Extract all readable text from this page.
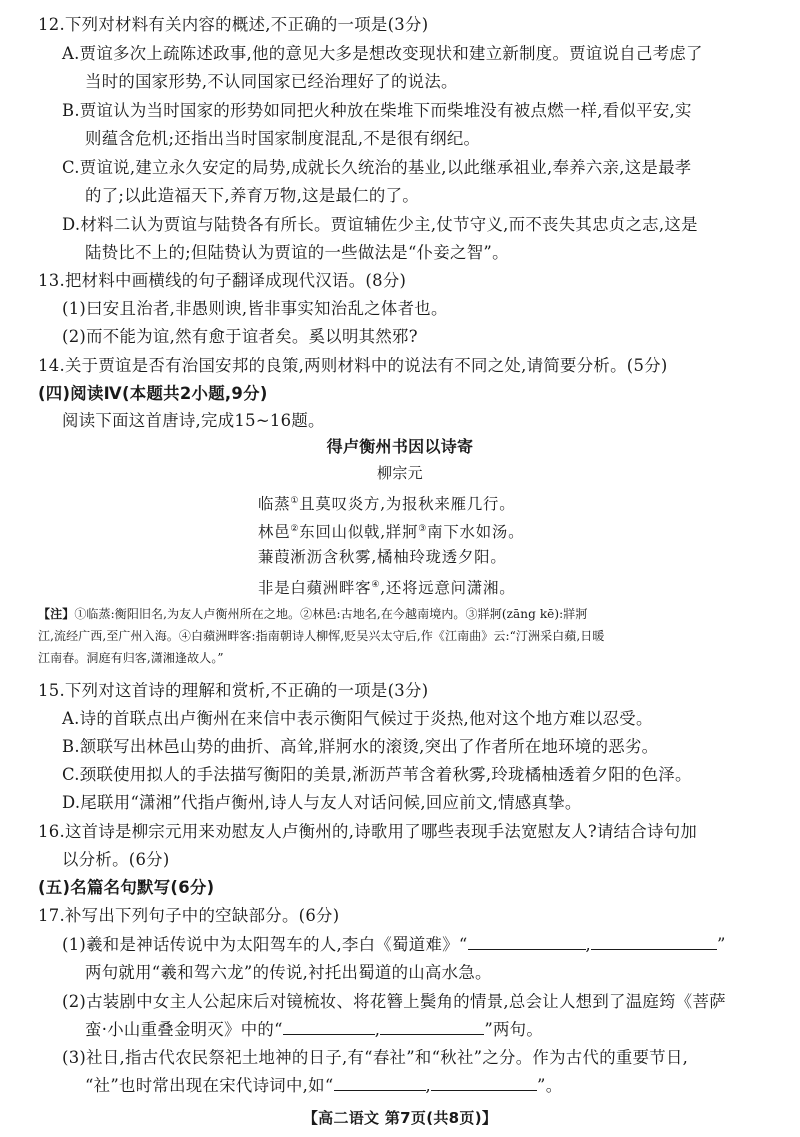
12.下列对材料有关内容的概述,不正确的一项是(3分)
A.贾谊多次上疏陈述政事,他的意见大多是想改变现状和建立新制度。贾谊说自己考虑了
当时的国家形势,不认同国家已经治理好了的说法。
B.贾谊认为当时国家的形势如同把火种放在柴堆下而柴堆没有被点燃一样,看似平安,实
则蕴含危机;还指出当时国家制度混乱,不是很有纲纪。
C.贾谊说,建立永久安定的局势,成就长久统治的基业,以此继承祖业,奉养六亲,这是最孝
的了;以此造福天下,养育万物,这是最仁的了。
D.材料二认为贾谊与陆贽各有所长。贾谊辅佐少主,仗节守义,而不丧失其忠贞之志,这是
陆贽比不上的;但陆贽认为贾谊的一些做法是“仆妾之智”。
13.把材料中画横线的句子翻译成现代汉语。(8分)
(1)曰安且治者,非愚则谀,皆非事实知治乱之体者也。
(2)而不能为谊,然有愈于谊者矣。奚以明其然邪?
14.关于贾谊是否有治国安邦的良策,两则材料中的说法有不同之处,请简要分析。(5分)
(四)阅读Ⅳ(本题共2小题,9分)
阅读下面这首唐诗,完成15~16题。
得卢衡州书因以诗寄
柳宗元
临蒸①且莫叹炎方,为报秋来雁几行。
林邑②东回山似戟,牂牁③南下水如汤。
蒹葭淅沥含秋雾,橘柚玲珑透夕阳。
非是白蘋洲畔客④,还将远意问潇湘。
【注】①临蒸:衡阳旧名,为友人卢衡州所在之地。②林邑:古地名,在今越南境内。③牂牁(zāng kē):牂牁
江,流经广西,至广州入海。④白蘋洲畔客:指南朝诗人柳恽,贬吴兴太守后,作《江南曲》云:“汀洲采白蘋,日暖
江南春。洞庭有归客,潇湘逢故人。”
15.下列对这首诗的理解和赏析,不正确的一项是(3分)
A.诗的首联点出卢衡州在来信中表示衡阳气候过于炎热,他对这个地方难以忍受。
B.颔联写出林邑山势的曲折、高耸,牂牁水的滚烫,突出了作者所在地环境的恶劣。
C.颈联使用拟人的手法描写衡阳的美景,淅沥芦苇含着秋雾,玲珑橘柚透着夕阳的色泽。
D.尾联用“潇湘”代指卢衡州,诗人与友人对话问候,回应前文,情感真挚。
16.这首诗是柳宗元用来劝慰友人卢衡州的,诗歌用了哪些表现手法宽慰友人?请结合诗句加
以分析。(6分)
(五)名篇名句默写(6分)
17.补写出下列句子中的空缺部分。(6分)
(1)羲和是神话传说中为太阳驾车的人,李白《蜀道难》“	,	”
两句就用“羲和驾六龙”的传说,衬托出蜀道的山高水急。
(2)古装剧中女主人公起床后对镜梳妆、将花簪上鬓角的情景,总会让人想到了温庭筠《菩萨
蛮·小山重叠金明灭》中的“	,	”两句。
(3)社日,指古代农民祭祀土地神的日子,有“春社”和“秋社”之分。作为古代的重要节日,
“社”也时常出现在宋代诗词中,如“	,	”。
【高二语文 第7页(共8页)】
